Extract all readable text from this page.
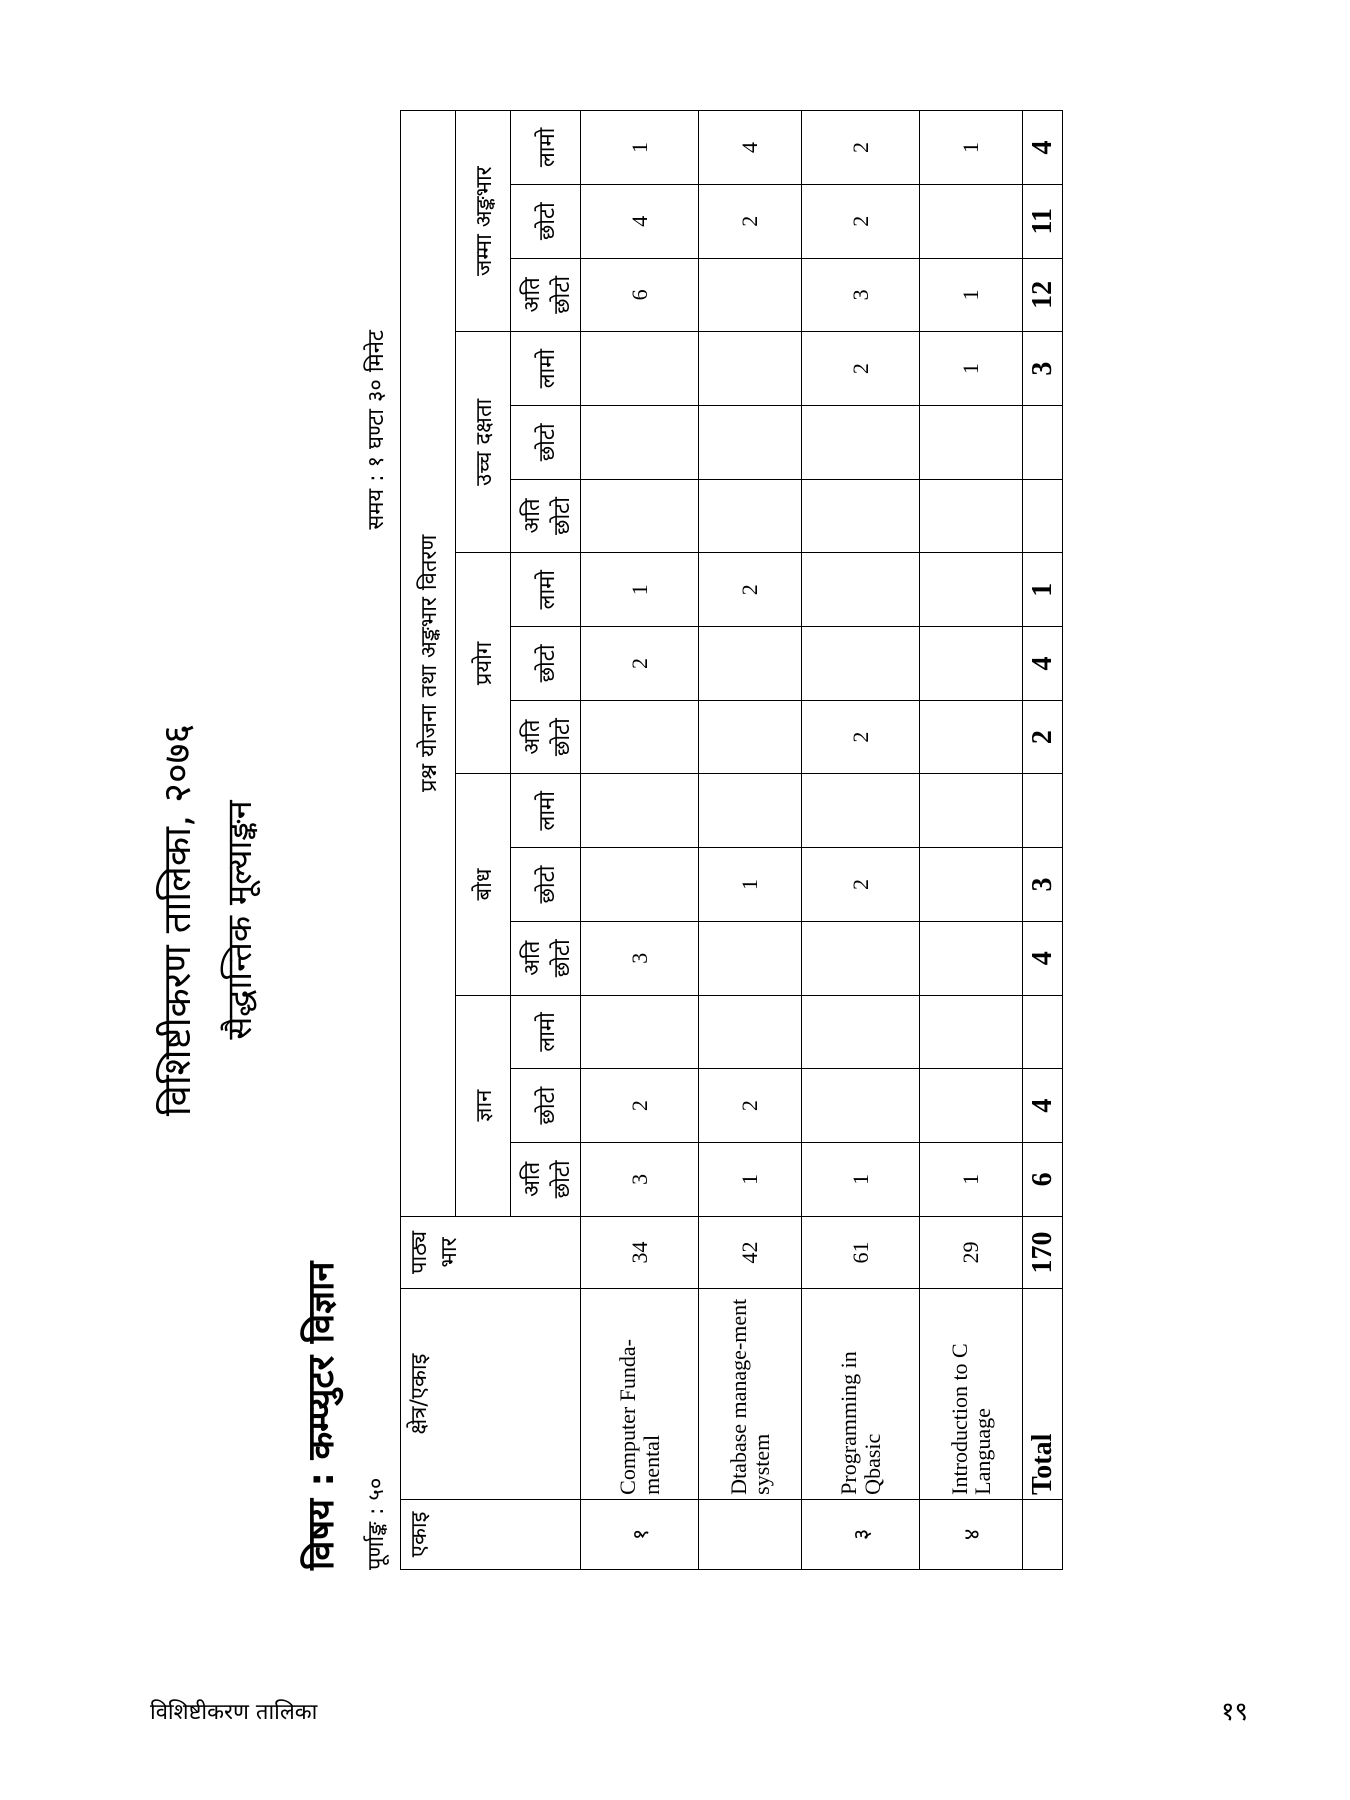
विशिष्टीकरण तालिका, २०७६ सैद्धान्तिक मूल्याङ्कन
विषय : कम्प्युटर विज्ञान पूर्णाङ्क : ५०
समय : १ घण्टा ३० मिनेट
एकाइ	क्षेत्र/एकाइ	पाठ्य भार	प्रश्न योजना तथा अङ्कभार वितरण														
			ज्ञान			बोध			प्रयोग			उच्च दक्षता			जम्मा अङ्कभार		
			अति छोटो	छोटो	लामो	अति छोटो	छोटो	लामो	अति छोटो	छोटो	लामो	अति छोटो	छोटो	लामो	अति छोटो	छोटो	लामो
१	Computer Funda-mental	34	3	2		3				2	1				6	4	1
	Dtabase manage-ment system	42	1	2			1				2					2	4
३	Programming in Qbasic	61	1				2		2					2	3	2	2
४	Introduction to C Language	29	1											1	1		1
	Total	170	6	4		4	3		2	4	1			3	12	11	4
विशिष्टीकरण तालिका	१९
